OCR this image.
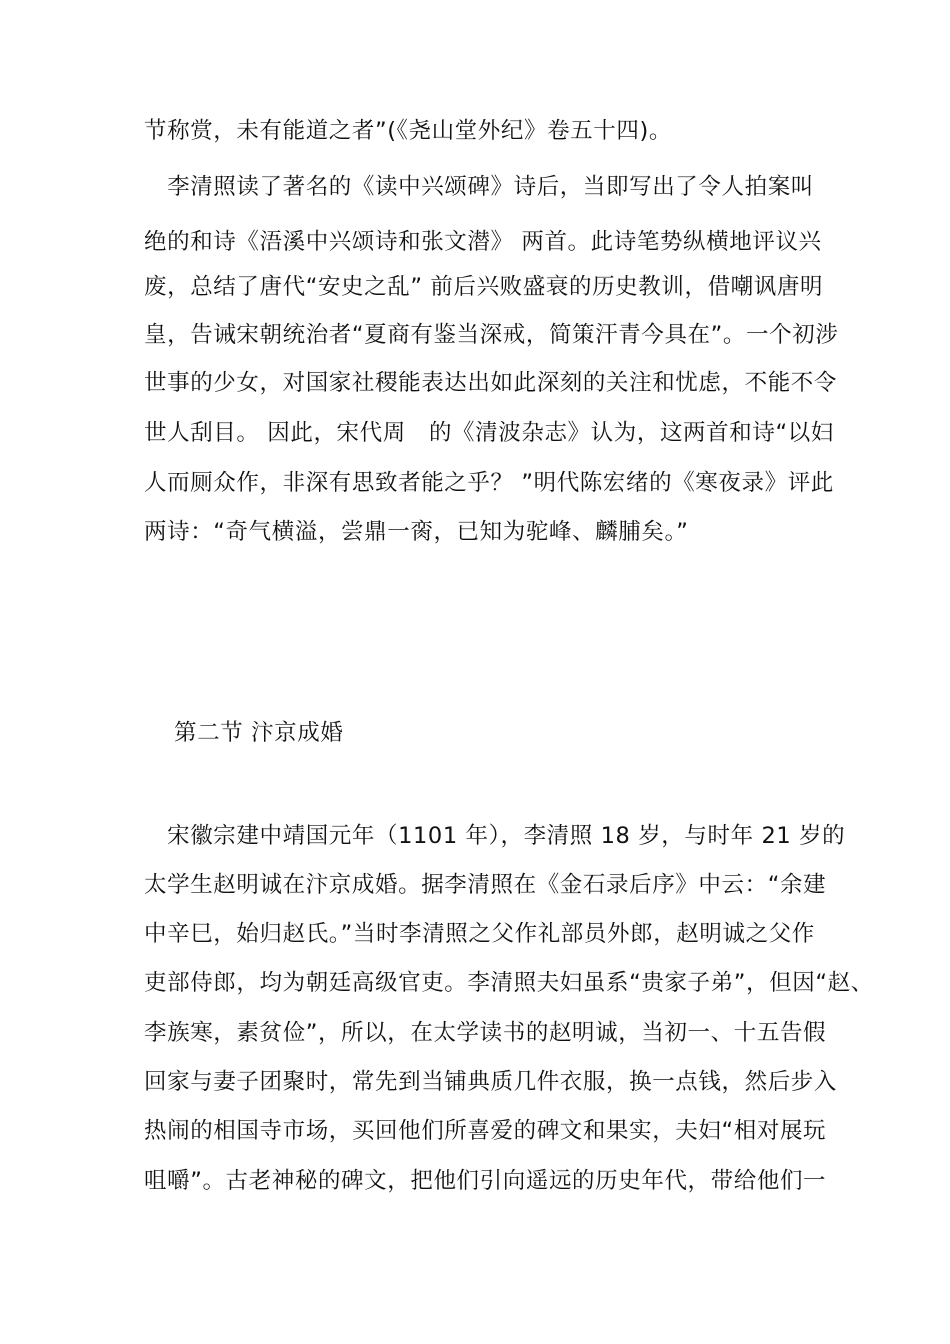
节称赏，未有能道之者”(《尧山堂外纪》卷五十四)。
　李清照读了著名的《读中兴颂碑》诗后，当即写出了令人拍案叫
绝的和诗《浯溪中兴颂诗和张文潜》 两首。此诗笔势纵横地评议兴
废，总结了唐代“安史之乱” 前后兴败盛衰的历史教训，借嘲讽唐明
皇，告诫宋朝统治者“夏商有鉴当深戒，简策汗青今具在”。一个初涉
世事的少女，对国家社稷能表达出如此深刻的关注和忧虑，不能不令
世人刮目。 因此，宋代周　的《清波杂志》认为，这两首和诗“以妇
人而厕众作，非深有思致者能之乎？ ”明代陈宏绪的《寒夜录》评此
两诗：“奇气横溢，尝鼎一脔，已知为驼峰、麟脯矣。”
第二节 汴京成婚
　宋徽宗建中靖国元年（1101 年），李清照 18 岁，与时年 21 岁的
太学生赵明诚在汴京成婚。据李清照在《金石录后序》中云：“余建
中辛巳，始归赵氏。”当时李清照之父作礼部员外郎，赵明诚之父作
吏部侍郎，均为朝廷高级官吏。李清照夫妇虽系“贵家子弟”，但因“赵、
李族寒，素贫俭”，所以，在太学读书的赵明诚，当初一、十五告假
回家与妻子团聚时，常先到当铺典质几件衣服，换一点钱，然后步入
热闹的相国寺市场，买回他们所喜爱的碑文和果实，夫妇“相对展玩
咀嚼”。古老神秘的碑文，把他们引向遥远的历史年代，带给他们一
